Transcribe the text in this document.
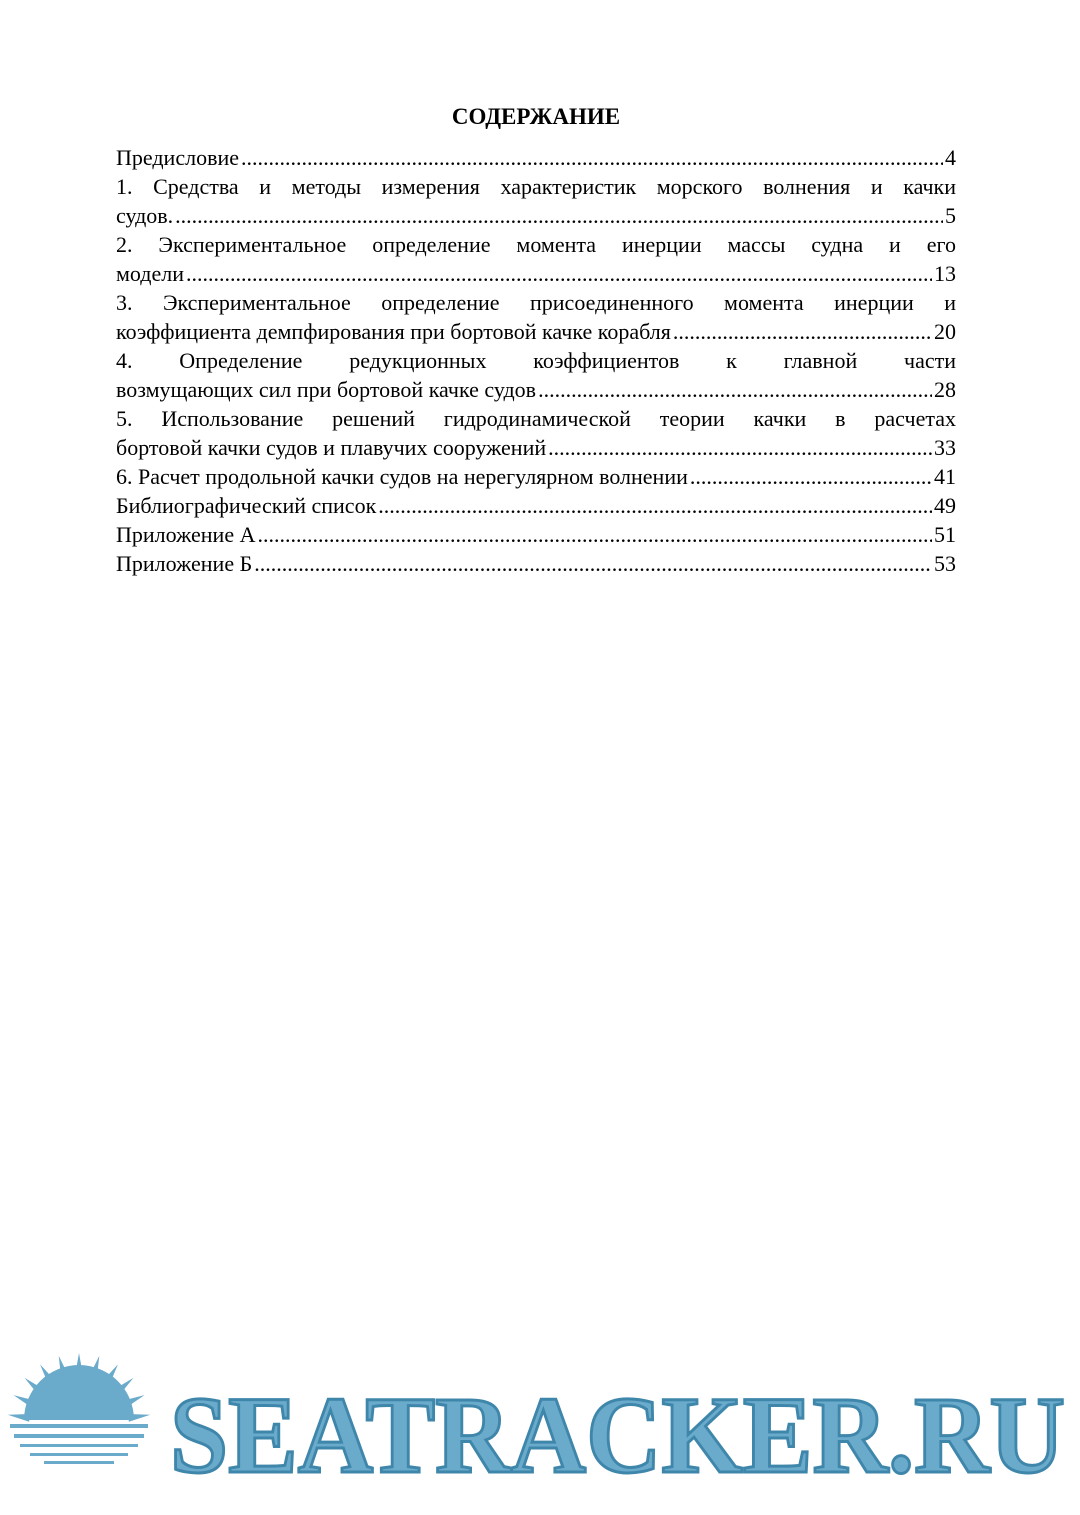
СОДЕРЖАНИЕ
Предисловие .....	4
1. Средства и методы измерения характеристик морского волнения и качки
судов. .....	5
2. Экспериментальное определение момента инерции массы судна и его
модели .....	13
3. Экспериментальное определение присоединенного момента инерции и
коэффициента демпфирования при бортовой качке корабля .....	20
4. Определение редукционных коэффициентов к главной части
возмущающих сил при бортовой качке судов .....	28
5. Использование решений гидродинамической теории качки в расчетах
бортовой качки судов и плавучих сооружений .....	33
6. Расчет продольной качки судов на нерегулярном волнении .....	41
Библиографический список .....	49
Приложение А .....	51
Приложение Б .....	53
SEATRACKER.RU
